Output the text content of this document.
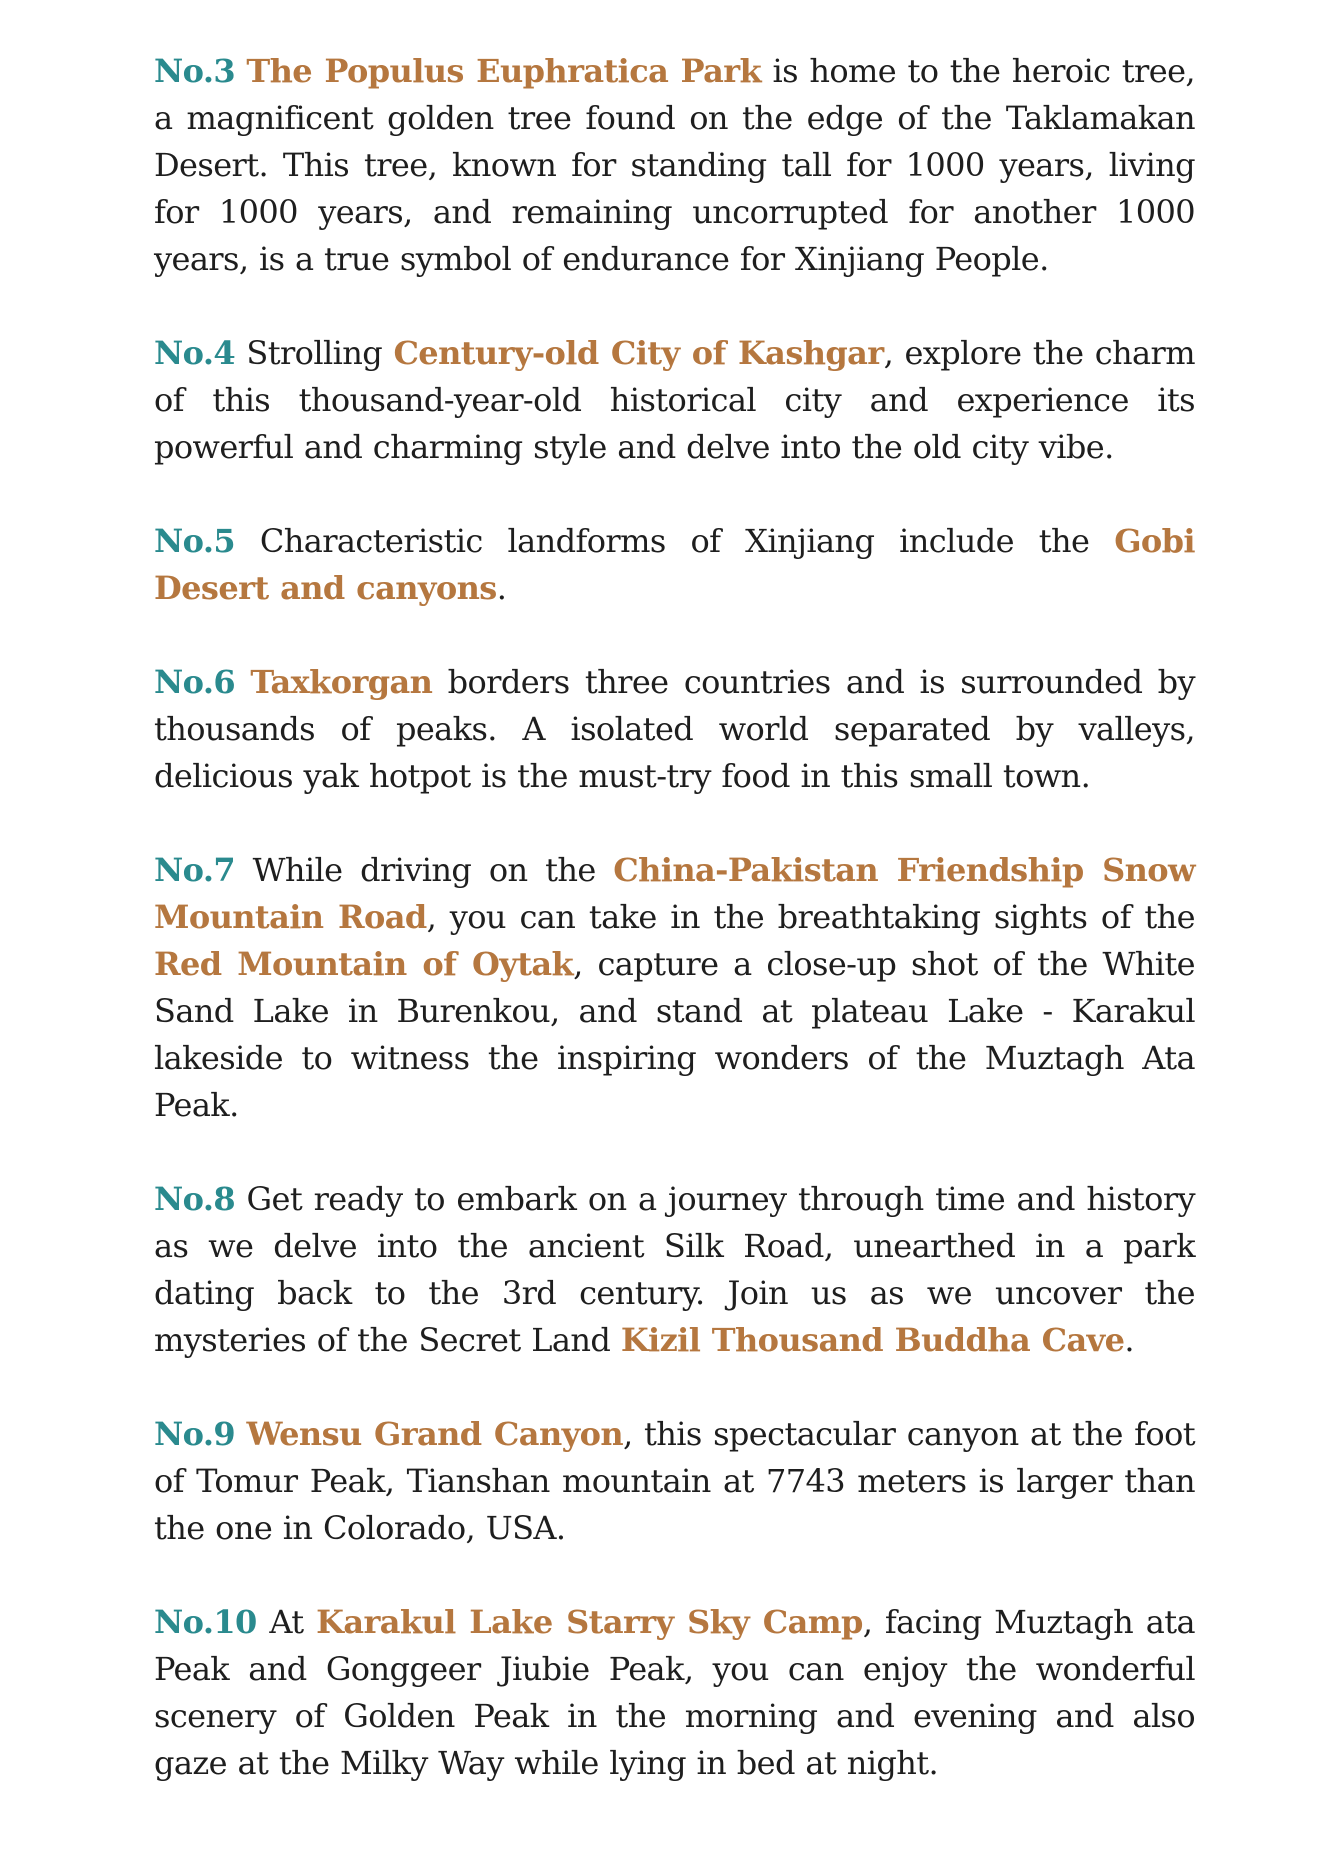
No.3 The Populus Euphratica Park is home to the heroic tree, a magnificent golden tree found on the edge of the Taklamakan Desert. This tree, known for standing tall for 1000 years, living for 1000 years, and remaining uncorrupted for another 1000 years, is a true symbol of endurance for Xinjiang People.

No.4 Strolling Century-old City of Kashgar, explore the charm of this thousand-year-old historical city and experience its powerful and charming style and delve into the old city vibe.

No.5 Characteristic landforms of Xinjiang include the Gobi Desert and canyons.

No.6 Taxkorgan borders three countries and is surrounded by thousands of peaks. A isolated world separated by valleys, delicious yak hotpot is the must-try food in this small town.

No.7 While driving on the China-Pakistan Friendship Snow Mountain Road, you can take in the breathtaking sights of the Red Mountain of Oytak, capture a close-up shot of the White Sand Lake in Burenkou, and stand at plateau Lake - Karakul lakeside to witness the inspiring wonders of the Muztagh Ata Peak.

No.8 Get ready to embark on a journey through time and history as we delve into the ancient Silk Road, unearthed in a park dating back to the 3rd century. Join us as we uncover the mysteries of the Secret Land Kizil Thousand Buddha Cave.

No.9 Wensu Grand Canyon, this spectacular canyon at the foot of Tomur Peak, Tianshan mountain at 7743 meters is larger than the one in Colorado, USA.

No.10 At Karakul Lake Starry Sky Camp, facing Muztagh ata Peak and Gonggeer Jiubie Peak, you can enjoy the wonderful scenery of Golden Peak in the morning and evening and also gaze at the Milky Way while lying in bed at night.
